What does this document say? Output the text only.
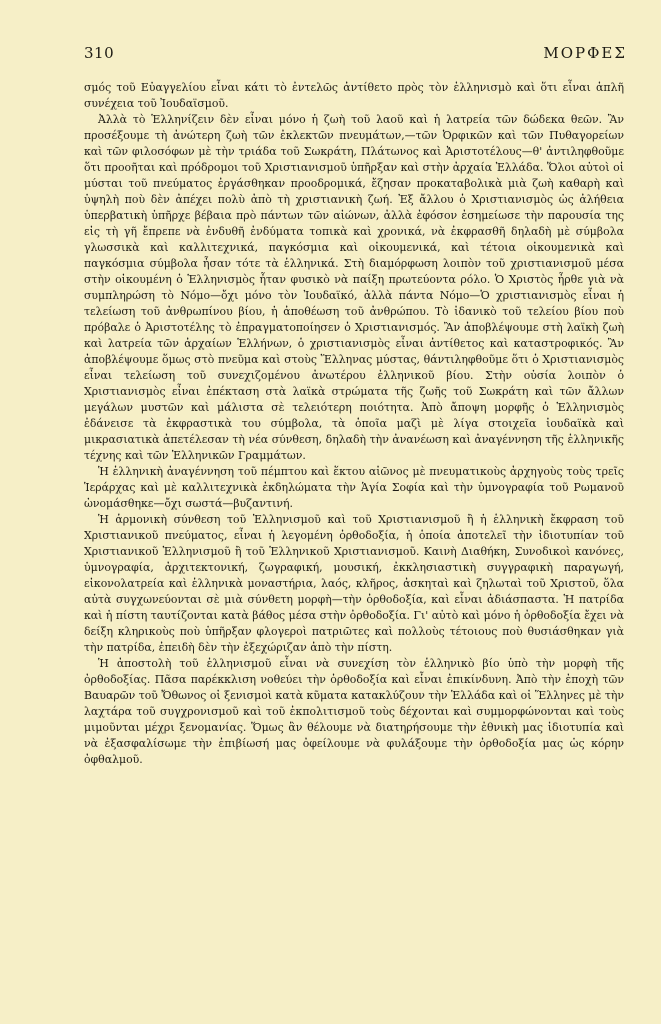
310	ΜΟΡΦΕΣ

σμός τοῦ Εὐαγγελίου εἶναι κάτι τὸ ἐντελῶς ἀντίθετο πρὸς τὸν ἑλληνισμὸ καὶ ὅτι εἶναι ἁπλῆ συνέχεια τοῦ Ἰουδαϊσμοῦ.

Ἀλλὰ τὸ Ἑλληνίζειν δὲν εἶναι μόνο ἡ ζωὴ τοῦ λαοῦ καὶ ἡ λατρεία τῶν δώδεκα θεῶν. Ἂν προσέξουμε τὴ ἀνώτερη ζωὴ τῶν ἐκλεκτῶν πνευμάτων,—τῶν Ὀρφικῶν καὶ τῶν Πυθαγορείων καὶ τῶν φιλοσόφων μὲ τὴν τριάδα τοῦ Σωκράτη, Πλάτωνος καὶ Ἀριστοτέλους—θ' ἀντιληφθοῦμε ὅτι προοῆται καὶ πρόδρομοι τοῦ Χριστιανισμοῦ ὑπῆρξαν καὶ στὴν ἀρχαία Ἑλλάδα. Ὅλοι αὐτοὶ οἱ μύσται τοῦ πνεύματος ἐργάσθηκαν προοδρομικά, ἔζησαν προκαταβολικὰ μιὰ ζωὴ καθαρὴ καὶ ὑψηλὴ ποὺ δὲν ἀπέχει πολὺ ἀπὸ τὴ χριστιανικὴ ζωή. Ἐξ ἄλλου ὁ Χριστιανισμὸς ὡς ἀλήθεια ὑπερβατικὴ ὑπῆρχε βέβαια πρὸ πάντων τῶν αἰώνων, ἀλλὰ ἐφόσον ἐσημείωσε τὴν παρουσία της εἰς τὴ γῆ ἔπρεπε νὰ ἐνδυθῆ ἐνδύματα τοπικὰ καὶ χρονικά, νὰ ἐκφρασθῆ δηλαδὴ μὲ σύμβολα γλωσσικὰ καὶ καλλιτεχνικά, παγκόσμια καὶ οἰκουμενικά, καὶ τέτοια οἰκουμενικὰ καὶ παγκόσμια σύμβολα ἦσαν τότε τὰ ἑλληνικά. Στὴ διαμόρφωση λοιπὸν τοῦ χριστιανισμοῦ μέσα στὴν οἰκουμένη ὁ Ἑλληνισμὸς ἦταν φυσικὸ νὰ παίξη πρωτεύοντα ρόλο. Ὁ Χριστὸς ἦρθε γιὰ νὰ συμπληρώση τὸ Νόμο—ὄχι μόνο τὸν Ἰουδαϊκό, ἀλλὰ πάντα Νόμο—Ὁ χριστιανισμὸς εἶναι ἡ τελείωση τοῦ ἀνθρωπίνου βίου, ἡ ἀποθέωση τοῦ ἀνθρώπου. Τὸ ἰδανικὸ τοῦ τελείου βίου ποὺ πρόβαλε ὁ Ἀριστοτέλης τὸ ἐπραγματοποίησεν ὁ Χριστιανισμός. Ἂν ἀποβλέψουμε στὴ λαϊκὴ ζωὴ καὶ λατρεία τῶν ἀρχαίων Ἑλλήνων, ὁ χριστιανισμὸς εἶναι ἀντίθετος καὶ καταστροφικός. Ἂν ἀποβλέψουμε ὅμως στὸ πνεῦμα καὶ στοὺς Ἕλληνας μύστας, θάντιληφθοῦμε ὅτι ὁ Χριστιανισμὸς εἶναι τελείωση τοῦ συνεχιζομένου ἀνωτέρου ἑλληνικοῦ βίου. Στὴν οὐσία λοιπὸν ὁ Χριστιανισμὸς εἶναι ἐπέκταση στὰ λαϊκὰ στρώματα τῆς ζωῆς τοῦ Σωκράτη καὶ τῶν ἄλλων μεγάλων μυστῶν καὶ μάλιστα σὲ τελειότερη ποιότητα. Ἀπὸ ἄποψη μορφῆς ὁ Ἑλληνισμὸς ἐδάνεισε τὰ ἐκφραστικὰ του σύμβολα, τὰ ὁποῖα μαζὶ μὲ λίγα στοιχεῖα ἰουδαϊκὰ καὶ μικρασιατικὰ ἀπετέλεσαν τὴ νέα σύνθεση, δηλαδὴ τὴν ἀνανέωση καὶ ἀναγέννηση τῆς ἑλληνικῆς τέχνης καὶ τῶν Ἑλληνικῶν Γραμμάτων.

Ἡ ἑλληνικὴ ἀναγέννηση τοῦ πέμπτου καὶ ἕκτου αἰῶνος μὲ πνευματικοὺς ἀρχηγοὺς τοὺς τρεῖς Ἱεράρχας καὶ μὲ καλλιτεχνικὰ ἐκδηλώματα τὴν Ἁγία Σοφία καὶ τὴν ὑμνογραφία τοῦ Ρωμανοῦ ὠνομάσθηκε—ὄχι σωστά—βυζαντινή.

Ἡ ἁρμονικὴ σύνθεση τοῦ Ἑλληνισμοῦ καὶ τοῦ Χριστιανισμοῦ ἢ ἡ ἑλληνικὴ ἔκφραση τοῦ Χριστιανικοῦ πνεύματος, εἶναι ἡ λεγομένη ὀρθοδοξία, ἡ ὁποία ἀποτελεῖ τὴν ἰδιοτυπίαν τοῦ Χριστιανικοῦ Ἑλληνισμοῦ ἢ τοῦ Ἑλληνικοῦ Χριστιανισμοῦ. Καινὴ Διαθήκη, Συνοδικοὶ κανόνες, ὑμνογραφία, ἀρχιτεκτονική, ζωγραφική, μουσική, ἐκκλησιαστικὴ συγγραφικὴ παραγωγή, εἰκονολατρεία καὶ ἑλληνικὰ μοναστήρια, λαός, κλῆρος, ἀσκηταὶ καὶ ζηλωταὶ τοῦ Χριστοῦ, ὅλα αὐτὰ συγχωνεύονται σὲ μιὰ σύνθετη μορφὴ—τὴν ὀρθοδοξία, καὶ εἶναι ἀδιάσπαστα. Ἡ πατρίδα καὶ ἡ πίστη ταυτίζονται κατὰ βάθος μέσα στὴν ὀρθοδοξία. Γι' αὐτὸ καὶ μόνο ἡ ὀρθοδοξία ἔχει νὰ δείξη κληρικοὺς ποὺ ὑπῆρξαν φλογεροὶ πατριῶτες καὶ πολλοὺς τέτοιους ποὺ θυσιάσθηκαν γιὰ τὴν πατρίδα, ἐπειδὴ δὲν τὴν ἐξεχώριζαν ἀπὸ τὴν πίστη.

Ἡ ἀποστολὴ τοῦ ἑλληνισμοῦ εἶναι νὰ συνεχίση τὸν ἑλληνικὸ βίο ὑπὸ τὴν μορφὴ τῆς ὀρθοδοξίας. Πᾶσα παρέκκλιση νοθεύει τὴν ὀρθοδοξία καὶ εἶναι ἐπικίνδυνη. Ἀπὸ τὴν ἐποχὴ τῶν Βαυαρῶν τοῦ Ὄθωνος οἱ ξενισμοὶ κατὰ κῦματα κατακλύζουν τὴν Ἑλλάδα καὶ οἱ Ἕλληνες μὲ τὴν λαχτάρα τοῦ συγχρονισμοῦ καὶ τοῦ ἐκπολιτισμοῦ τοὺς δέχονται καὶ συμμορφώνονται καὶ τοὺς μιμοῦνται μέχρι ξενομανίας. Ὅμως ἂν θέλουμε νὰ διατηρήσουμε τὴν ἐθνικὴ μας ἰδιοτυπία καὶ νὰ ἐξασφαλίσωμε τὴν ἐπιβίωσή μας ὀφείλουμε νὰ φυλάξουμε τὴν ὀρθοδοξία μας ὡς κόρην ὀφθαλμοῦ.
